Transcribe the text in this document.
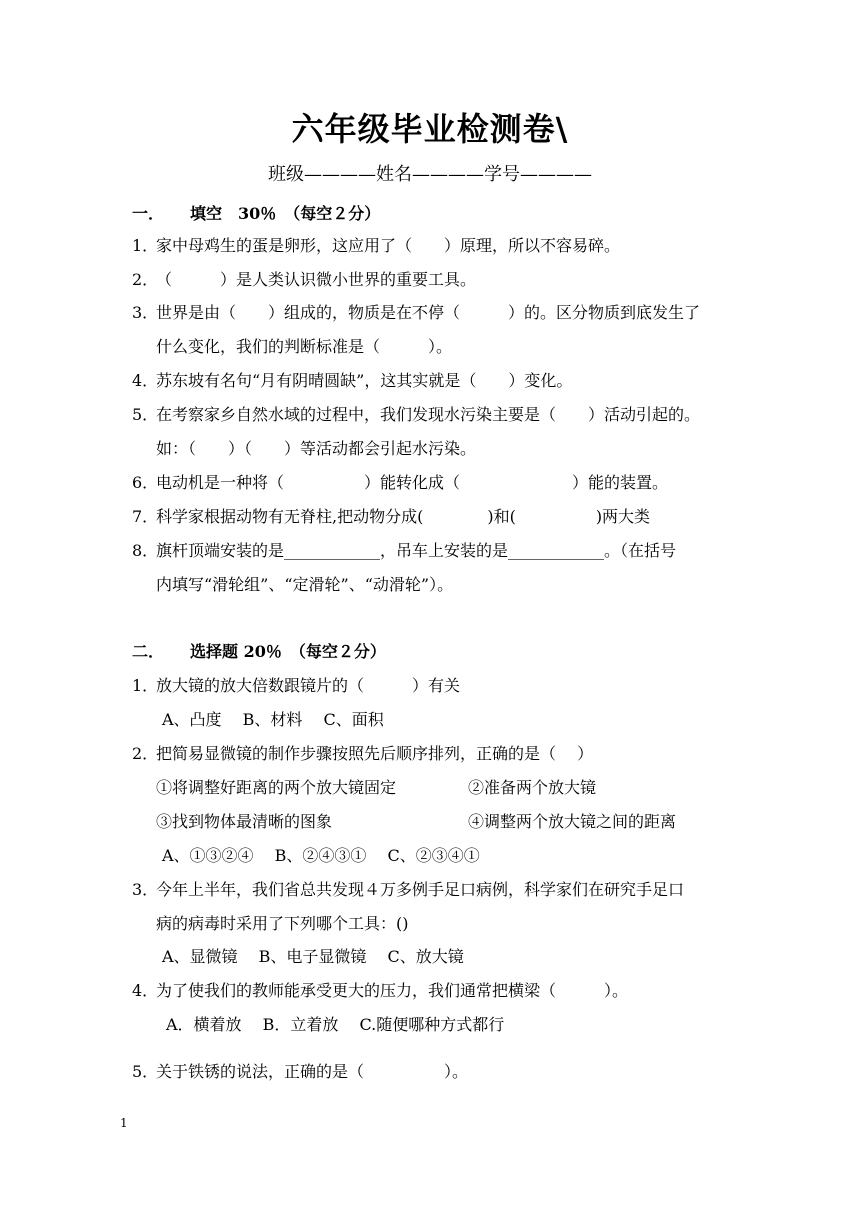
六年级毕业检测卷\
班级————姓名————学号————
一． 填空　30％　（每空２分）
1．家中母鸡生的蛋是卵形，这应用了（　　）原理，所以不容易碎。
2．（　　　）是人类认识微小世界的重要工具。
3．世界是由（　　）组成的，物质是在不停（　　　）的。区分物质到底发生了
什么变化，我们的判断标准是（　　　）。
4．苏东坡有名句“月有阴晴圆缺”，这其实就是（　　）变化。
5．在考察家乡自然水域的过程中，我们发现水污染主要是（　　）活动引起的。
如：（　　）（　　）等活动都会引起水污染。
6．电动机是一种将（　　　　　）能转化成（　　　　　　　）能的装置。
7．科学家根据动物有无脊柱,把动物分成(　　　　)和(　　　　　)两大类
8．旗杆顶端安装的是____________，吊车上安装的是____________。（在括号
内填写“滑轮组”、“定滑轮”、“动滑轮”）。
二． 选择题 20％　（每空２分）
1．放大镜的放大倍数跟镜片的（　　　）有关
A、凸度　 B、材料　 C、面积
2．把简易显微镜的制作步骤按照先后顺序排列，正确的是（　 ）
①将调整好距离的两个放大镜固定	②准备两个放大镜
③找到物体最清晰的图象	④调整两个放大镜之间的距离
A、①③②④　 B、②④③①　 C、②③④①
3．今年上半年，我们省总共发现４万多例手足口病例，科学家们在研究手足口
病的病毒时采用了下列哪个工具：()
A、显微镜　 B、电子显微镜　 C、放大镜
4．为了使我们的教师能承受更大的压力，我们通常把横梁（　　　）。
A．横着放　 B．立着放　 C.随便哪种方式都行
5．关于铁锈的说法，正确的是（　　　　　）。
1
